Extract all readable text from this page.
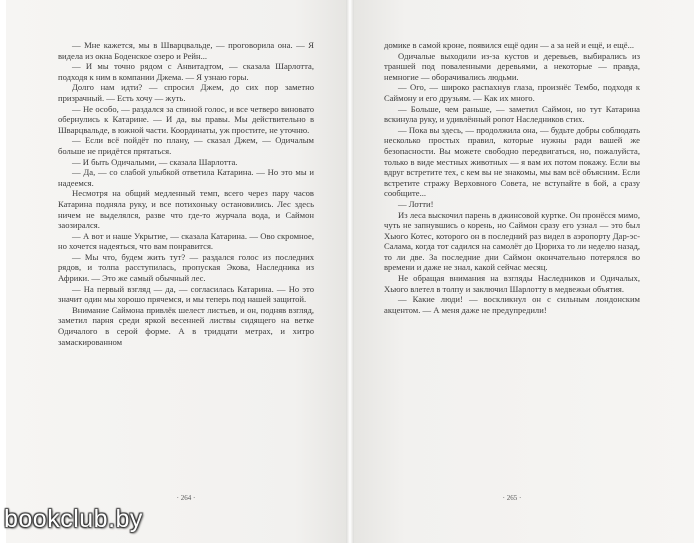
— Мне кажется, мы в Шварцвальде, — проговорила она. — Я видела из окна Боденское озеро и Рейн...

— И мы точно рядом с Анвитадтом, — сказала Шарлотта, подходя к ним в компании Джема. — Я узнаю горы.

Долго нам идти? — спросил Джем, до сих пор заметно призрачный. — Есть хочу — жуть.

— Не особо, — раздался за спиной голос, и все четверо виновато обернулись к Катарине. — И да, вы правы. Мы действительно в Шварцвальде, в южной части. Координаты, уж простите, не уточню.

— Если всё пойдёт по плану, — сказал Джем, — Одичалым больше не придётся прятаться.

— И быть Одичалыми, — сказала Шарлотта.

— Да, — со слабой улыбкой ответила Катарина. — Но это мы и надеемся.

Несмотря на общий медленный темп, всего через пару часов Катарина подняла руку, и все потихоньку остановились. Лес здесь ничем не выделялся, разве что где-то журчала вода, и Саймон заозирался.

— А вот и наше Укрытие, — сказала Катарина. — Ово скромное, но хочется надеяться, что вам понравится.

— Мы что, будем жить тут? — раздался голос из последних рядов, и толпа расступилась, пропуская Экова, Наследника из Африки. — Это же самый обычный лес.

— На первый взгляд — да, — согласилась Катарина. — Но это значит один мы хорошо прячемся, и мы теперь под нашей защитой.

Внимание Саймона привлёк шелест листьев, и он, подняв взгляд, заметил парня среди яркой весенней листвы сидящего на ветке Одичалого в серой форме. А в тридцати метрах, и хитро замаскированном

· 264 ·

домике в самой кроне, появился ещё один — а за ней и ещё, и ещё...

Одичалые выходили из-за кустов и деревьев, выбирались из траншей под поваленными деревьями, а некоторые — правда, немногие — оборачивались людьми.

— Ого, — широко распахнув глаза, произнёс Тембо, подходя к Саймону и его друзьям. — Как их много.

— Больше, чем раньше, — заметил Саймон, но тут Катарина вскинула руку, и удивлённый ропот Наследников стих.

— Пока вы здесь, — продолжила она, — будьте добры соблюдать несколько простых правил, которые нужны ради вашей же безопасности. Вы можете свободно передвигаться, но, пожалуйста, только в виде местных животных — я вам их потом покажу. Если вы вдруг встретите тех, с кем вы не знакомы, мы вам всё объясним. Если встретите стражу Верховного Совета, не вступайте в бой, а сразу сообщите...

— Лотти!

Из леса выскочил парень в джинсовой куртке. Он пронёсся мимо, чуть не запнувшись о корень, но Саймон сразу его узнал — это был Хьюго Котес, которого он в последний раз видел в аэропорту Дар-эс-Салама, когда тот садился на самолёт до Цюриха то ли неделю назад, то ли две. За последние дни Саймон окончательно потерялся во времени и даже не знал, какой сейчас месяц.

Не обращая внимания на взгляды Наследников и Одичалых, Хьюго влетел в толпу и заключил Шарлотту в медвежьи объятия.

— Какие люди! — воскликнул он с сильным лондонским акцентом. — А меня даже не предупредили!

· 265 ·
bookclub.by
